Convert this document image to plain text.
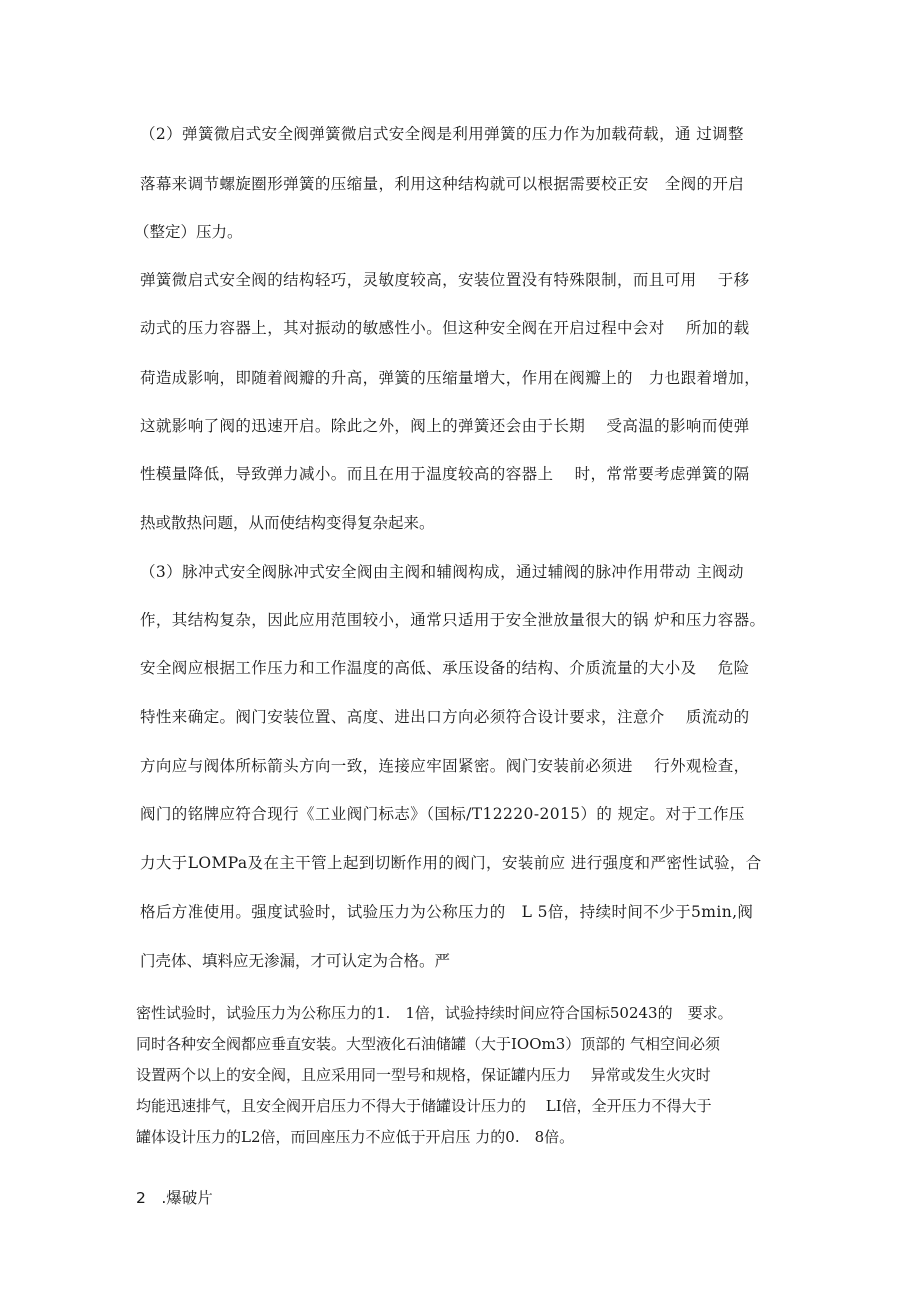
（2）弹簧微启式安全阀弹簧微启式安全阀是利用弹簧的压力作为加载荷载，通 过调整
落幕来调节螺旋圈形弹簧的压缩量，利用这种结构就可以根据需要校正安　全阀的开启
（整定）压力。
弹簧微启式安全阀的结构轻巧，灵敏度较高，安装位置没有特殊限制，而且可用　 于移
动式的压力容器上，其对振动的敏感性小。但这种安全阀在开启过程中会对　 所加的载
荷造成影响，即随着阀瓣的升高，弹簧的压缩量增大，作用在阀瓣上的　力也跟着增加，
这就影响了阀的迅速开启。除此之外，阀上的弹簧还会由于长期　 受高温的影响而使弹
性模量降低，导致弹力减小。而且在用于温度较高的容器上　 时，常常要考虑弹簧的隔
热或散热问题，从而使结构变得复杂起来。
（3）脉冲式安全阀脉冲式安全阀由主阀和辅阀构成，通过辅阀的脉冲作用带动 主阀动
作，其结构复杂，因此应用范围较小，通常只适用于安全泄放量很大的锅 炉和压力容器。
安全阀应根据工作压力和工作温度的高低、承压设备的结构、介质流量的大小及　 危险
特性来确定。阀门安装位置、高度、进出口方向必须符合设计要求，注意介　 质流动的
方向应与阀体所标箭头方向一致，连接应牢固紧密。阀门安装前必须进　 行外观检查，
阀门的铭牌应符合现行《工业阀门标志》（国标/T12220-2015）的 规定。对于工作压
力大于LOMPa及在主干管上起到切断作用的阀门，安装前应 进行强度和严密性试验，合
格后方准使用。强度试验时，试验压力为公称压力的　L 5倍，持续时间不少于5min,阀
门壳体、填料应无渗漏，才可认定为合格。严
密性试验时，试验压力为公称压力的1.　1倍，试验持续时间应符合国标50243的　要求。
同时各种安全阀都应垂直安装。大型液化石油储罐（大于IOOm3）顶部的 气相空间必须
设置两个以上的安全阀，且应采用同一型号和规格，保证罐内压力　 异常或发生火灾时
均能迅速排气，且安全阀开启压力不得大于储罐设计压力的　 LI倍，全开压力不得大于
罐体设计压力的L2倍，而回座压力不应低于开启压 力的0.　8倍。
2　.爆破片
